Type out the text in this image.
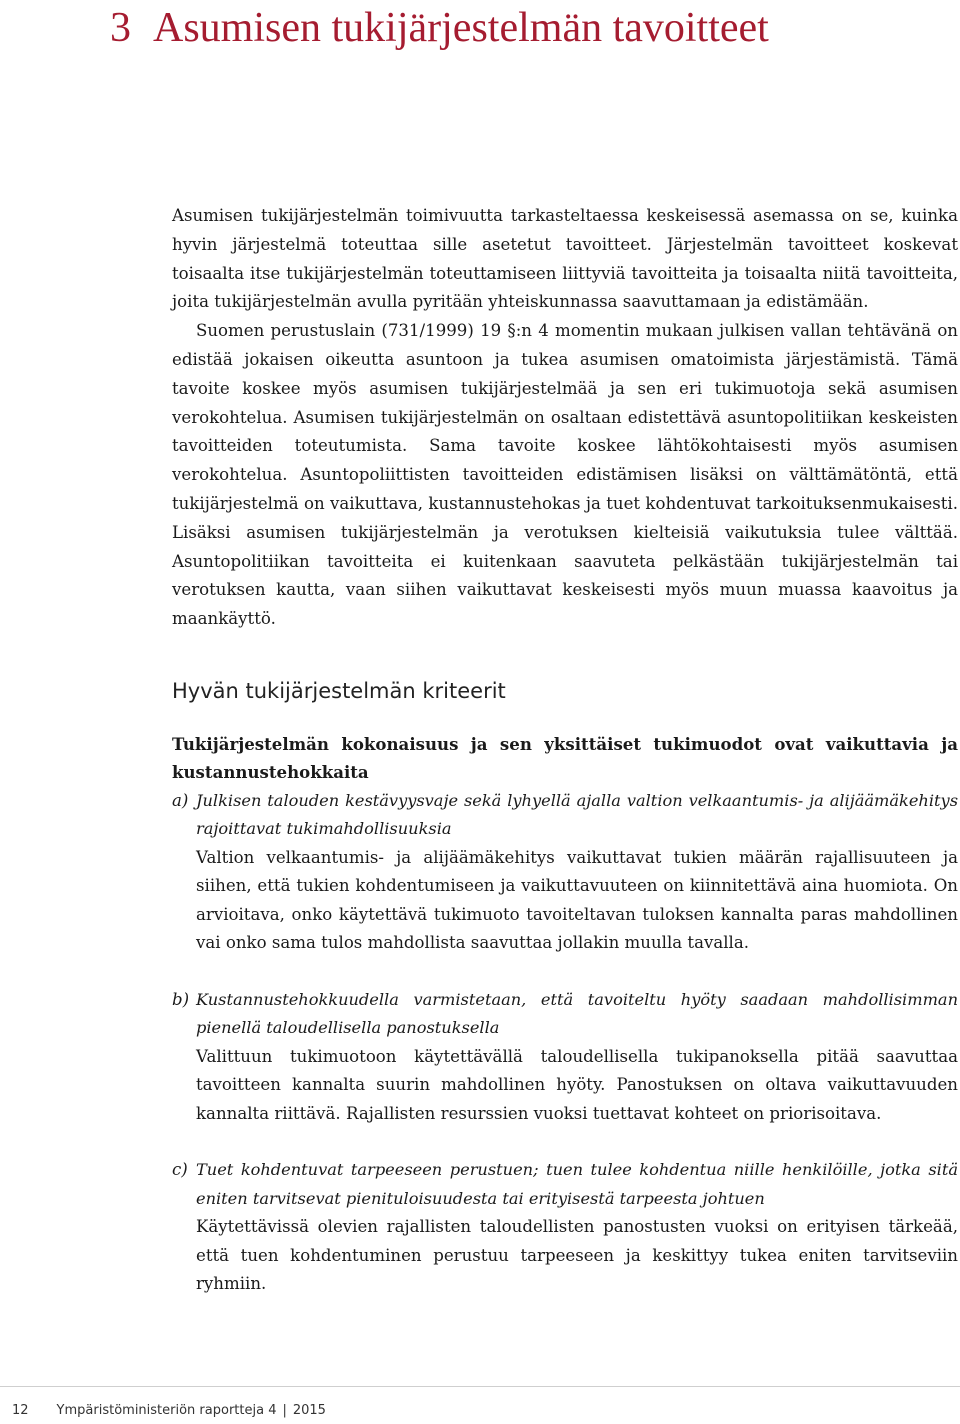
3 Asumisen tukijärjestelmän tavoitteet

Asumisen tukijärjestelmän toimivuutta tarkasteltaessa keskeisessä asemassa on se, kuinka hyvin järjestelmä toteuttaa sille asetetut tavoitteet. Järjestelmän tavoitteet koskevat toisaalta itse tukijärjestelmän toteuttamiseen liittyviä tavoitteita ja toisaalta niitä tavoitteita, joita tukijärjestelmän avulla pyritään yhteiskunnassa saavuttamaan ja edistämään.

Suomen perustuslain (731/1999) 19 §:n 4 momentin mukaan julkisen vallan tehtävänä on edistää jokaisen oikeutta asuntoon ja tukea asumisen omatoimista järjestämistä. Tämä tavoite koskee myös asumisen tukijärjestelmää ja sen eri tukimuotoja sekä asumisen verokohtelua. Asumisen tukijärjestelmän on osaltaan edistettävä asuntopolitiikan keskeisten tavoitteiden toteutumista. Sama tavoite koskee lähtökohtaisesti myös asumisen verokohtelua. Asuntopoliittisten tavoitteiden edistämisen lisäksi on välttämätöntä, että tukijärjestelmä on vaikuttava, kustannustehokas ja tuet kohdentuvat tarkoituksenmukaisesti. Lisäksi asumisen tukijärjestelmän ja verotuksen kielteisiä vaikutuksia tulee välttää. Asuntopolitiikan tavoitteita ei kuitenkaan saavuteta pelkästään tukijärjestelmän tai verotuksen kautta, vaan siihen vaikuttavat keskeisesti myös muun muassa kaavoitus ja maankäyttö.

Hyvän tukijärjestelmän kriteerit

Tukijärjestelmän kokonaisuus ja sen yksittäiset tukimuodot ovat vaikuttavia ja kustannustehokkaita

a) Julkisen talouden kestävyysvaje sekä lyhyellä ajalla valtion velkaantumis- ja alijäämäkehitys rajoittavat tukimahdollisuuksia

Valtion velkaantumis- ja alijäämäkehitys vaikuttavat tukien määrän rajallisuuteen ja siihen, että tukien kohdentumiseen ja vaikuttavuuteen on kiinnitettävä aina huomiota. On arvioitava, onko käytettävä tukimuoto tavoiteltavan tuloksen kannalta paras mahdollinen vai onko sama tulos mahdollista saavuttaa jollakin muulla tavalla.

b) Kustannustehokkuudella varmistetaan, että tavoiteltu hyöty saadaan mahdollisimman pienellä taloudellisella panostuksella

Valittuun tukimuotoon käytettävällä taloudellisella tukipanoksella pitää saavuttaa tavoitteen kannalta suurin mahdollinen hyöty. Panostuksen on oltava vaikuttavuuden kannalta riittävä. Rajallisten resurssien vuoksi tuettavat kohteet on priorisoitava.

c) Tuet kohdentuvat tarpeeseen perustuen; tuen tulee kohdentua niille henkilöille, jotka sitä eniten tarvitsevat pienituloisuudesta tai erityisestä tarpeesta johtuen

Käytettävissä olevien rajallisten taloudellisten panostusten vuoksi on erityisen tärkeää, että tuen kohdentuminen perustuu tarpeeseen ja keskittyy tukea eniten tarvitseviin ryhmiin.

12 Ympäristöministeriön raportteja 4 | 2015
